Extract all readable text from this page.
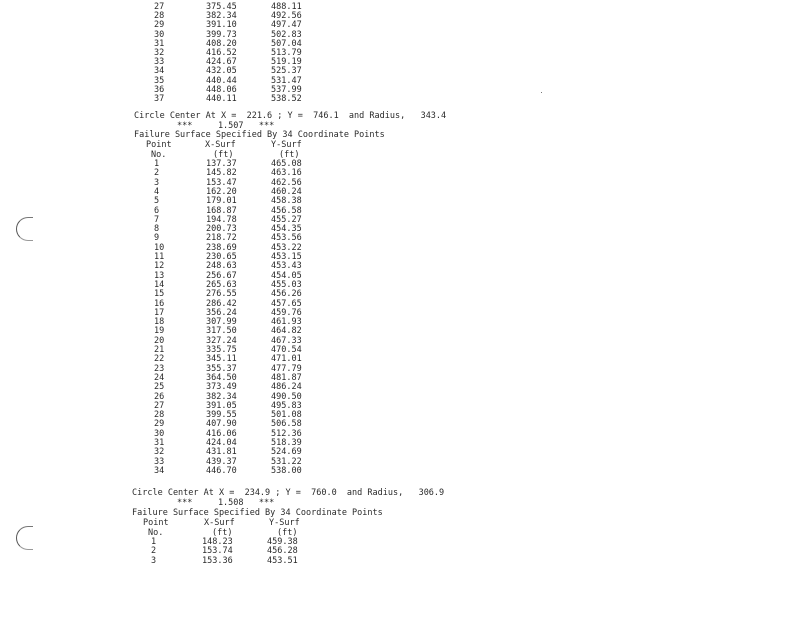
27	375.45	488.11
28	382.34	492.56
29	391.10	497.47
30	399.73	502.83
31	408.20	507.04
32	416.52	513.79
33	424.67	519.19
34	432.05	525.37
35	440.44	531.47
36	448.06	537.99
37	440.11	538.52
Circle Center At X =  221.6 ; Y =  746.1  and Radius,   343.4
***     1.507   ***
Failure Surface Specified By 34 Coordinate Points
Point	X-Surf	Y-Surf
No.	(ft)	(ft)
1	137.37	465.08
2	145.82	463.16
3	153.47	462.56
4	162.20	460.24
5	179.01	458.38
6	168.87	456.58
7	194.78	455.27
8	200.73	454.35
9	218.72	453.56
10	238.69	453.22
11	230.65	453.15
12	248.63	453.43
13	256.67	454.05
14	265.63	455.03
15	276.55	456.26
16	286.42	457.65
17	356.24	459.76
18	307.99	461.93
19	317.50	464.82
20	327.24	467.33
21	335.75	470.54
22	345.11	471.01
23	355.37	477.79
24	364.50	481.87
25	373.49	486.24
26	382.34	490.50
27	391.05	495.83
28	399.55	501.08
29	407.90	506.58
30	416.06	512.36
31	424.04	518.39
32	431.81	524.69
33	439.37	531.22
34	446.70	538.00
Circle Center At X =  234.9 ; Y =  760.0  and Radius,   306.9
***     1.508   ***
Failure Surface Specified By 34 Coordinate Points
Point	X-Surf	Y-Surf
No.	(ft)	(ft)
1	148.23	459.38
2	153.74	456.28
3	153.36	453.51
